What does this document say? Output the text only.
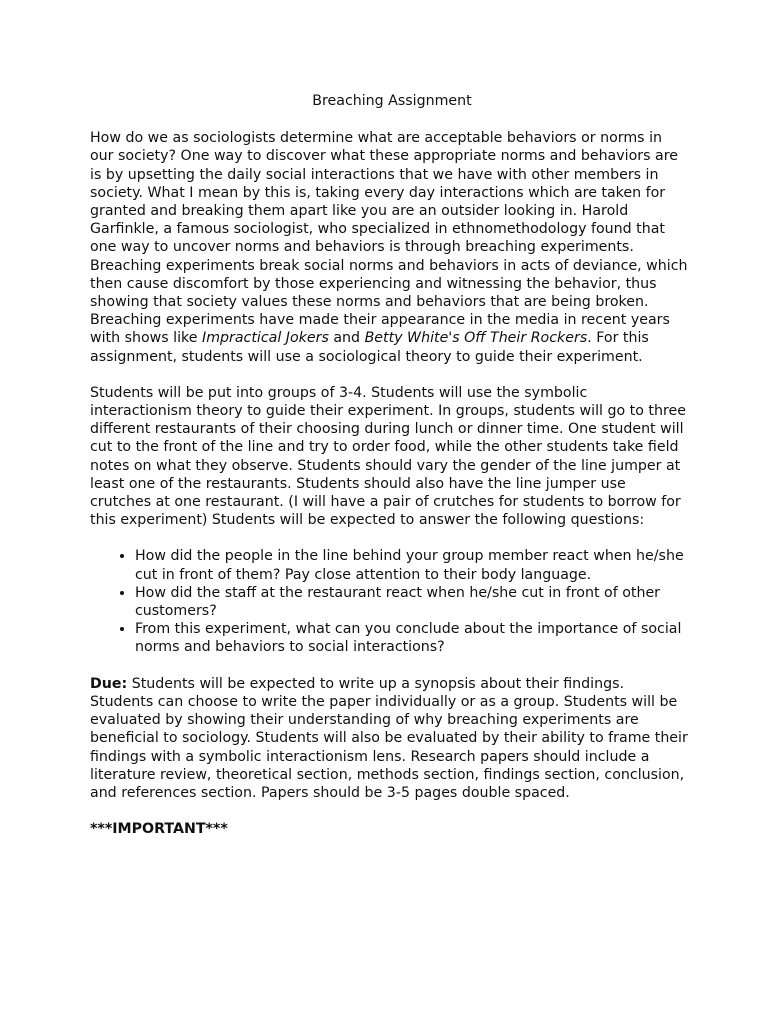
Breaching Assignment

How do we as sociologists determine what are acceptable behaviors or norms in our society? One way to discover what these appropriate norms and behaviors are is by upsetting the daily social interactions that we have with other members in society. What I mean by this is, taking every day interactions which are taken for granted and breaking them apart like you are an outsider looking in. Harold Garfinkle, a famous sociologist, who specialized in ethnomethodology found that one way to uncover norms and behaviors is through breaching experiments. Breaching experiments break social norms and behaviors in acts of deviance, which then cause discomfort by those experiencing and witnessing the behavior, thus showing that society values these norms and behaviors that are being broken. Breaching experiments have made their appearance in the media in recent years with shows like Impractical Jokers and Betty White's Off Their Rockers. For this assignment, students will use a sociological theory to guide their experiment.

Students will be put into groups of 3-4. Students will use the symbolic interactionism theory to guide their experiment. In groups, students will go to three different restaurants of their choosing during lunch or dinner time. One student will cut to the front of the line and try to order food, while the other students take field notes on what they observe. Students should vary the gender of the line jumper at least one of the restaurants. Students should also have the line jumper use crutches at one restaurant. (I will have a pair of crutches for students to borrow for this experiment) Students will be expected to answer the following questions:

• How did the people in the line behind your group member react when he/she cut in front of them? Pay close attention to their body language.
• How did the staff at the restaurant react when he/she cut in front of other customers?
• From this experiment, what can you conclude about the importance of social norms and behaviors to social interactions?

Due: Students will be expected to write up a synopsis about their findings. Students can choose to write the paper individually or as a group. Students will be evaluated by showing their understanding of why breaching experiments are beneficial to sociology. Students will also be evaluated by their ability to frame their findings with a symbolic interactionism lens. Research papers should include a literature review, theoretical section, methods section, findings section, conclusion, and references section. Papers should be 3-5 pages double spaced.

***IMPORTANT***
